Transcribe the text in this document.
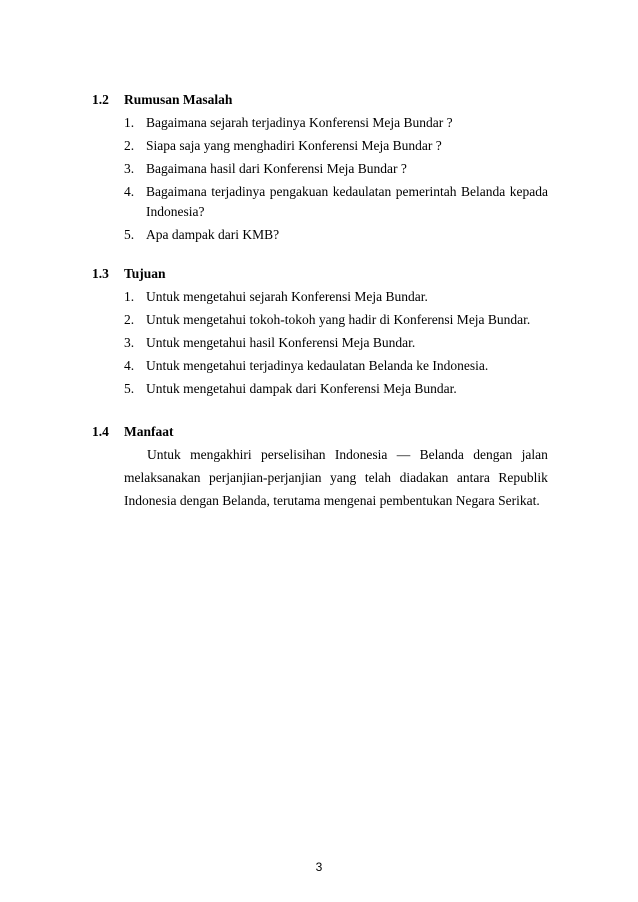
1.2 Rumusan Masalah
1. Bagaimana sejarah terjadinya Konferensi Meja Bundar ?
2. Siapa saja yang menghadiri Konferensi Meja Bundar ?
3. Bagaimana hasil dari Konferensi Meja Bundar ?
4. Bagaimana terjadinya pengakuan kedaulatan pemerintah Belanda kepada
Indonesia?
5. Apa dampak dari KMB?
1.3 Tujuan
1. Untuk mengetahui sejarah Konferensi Meja Bundar.
2. Untuk mengetahui tokoh-tokoh yang hadir di Konferensi Meja Bundar.
3. Untuk mengetahui hasil Konferensi Meja Bundar.
4. Untuk mengetahui terjadinya kedaulatan Belanda ke Indonesia.
5. Untuk mengetahui dampak dari Konferensi Meja Bundar.
1.4 Manfaat
Untuk mengakhiri perselisihan Indonesia — Belanda dengan jalan
melaksanakan perjanjian-perjanjian yang telah diadakan antara Republik
Indonesia dengan Belanda, terutama mengenai pembentukan Negara Serikat.
3
